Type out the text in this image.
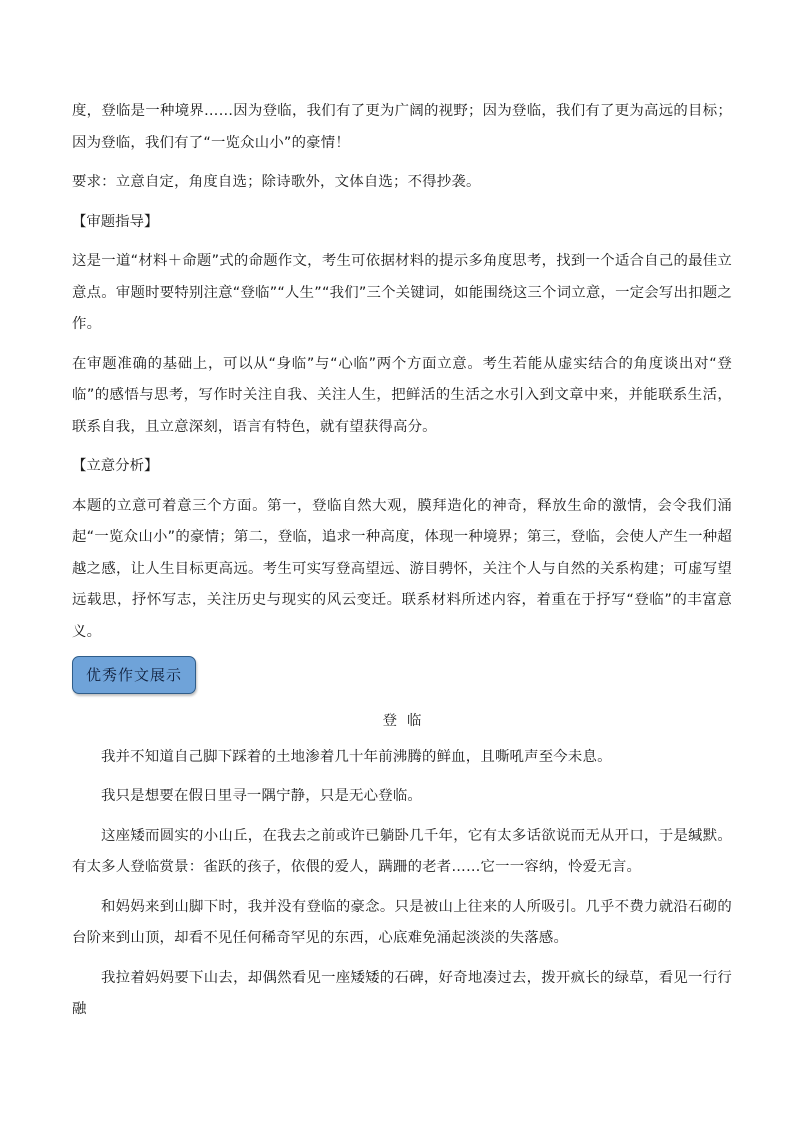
度，登临是一种境界……因为登临，我们有了更为广阔的视野；因为登临，我们有了更为高远的目标；因为登临，我们有了“一览众山小”的豪情！

要求：立意自定，角度自选；除诗歌外，文体自选；不得抄袭。

【审题指导】

这是一道“材料＋命题”式的命题作文，考生可依据材料的提示多角度思考，找到一个适合自己的最佳立意点。审题时要特别注意“登临”“人生”“我们”三个关键词，如能围绕这三个词立意，一定会写出扣题之作。

在审题准确的基础上，可以从“身临”与“心临”两个方面立意。考生若能从虚实结合的角度谈出对“登临”的感悟与思考，写作时关注自我、关注人生，把鲜活的生活之水引入到文章中来，并能联系生活，联系自我，且立意深刻，语言有特色，就有望获得高分。

【立意分析】

本题的立意可着意三个方面。第一，登临自然大观，膜拜造化的神奇，释放生命的激情，会令我们涌起“一览众山小”的豪情；第二，登临，追求一种高度，体现一种境界；第三，登临，会使人产生一种超越之感，让人生目标更高远。考生可实写登高望远、游目骋怀，关注个人与自然的关系构建；可虚写望远载思，抒怀写志，关注历史与现实的风云变迁。联系材料所述内容，着重在于抒写“登临”的丰富意义。

优秀作文展示
登临

我并不知道自己脚下踩着的土地渗着几十年前沸腾的鲜血，且嘶吼声至今未息。

我只是想要在假日里寻一隅宁静，只是无心登临。

这座矮而圆实的小山丘，在我去之前或许已躺卧几千年，它有太多话欲说而无从开口，于是缄默。有太多人登临赏景：雀跃的孩子，依偎的爱人，蹒跚的老者……它一一容纳，怜爱无言。

和妈妈来到山脚下时，我并没有登临的豪念。只是被山上往来的人所吸引。几乎不费力就沿石砌的台阶来到山顶，却看不见任何稀奇罕见的东西，心底难免涌起淡淡的失落感。

我拉着妈妈要下山去，却偶然看见一座矮矮的石碑，好奇地凑过去，拨开疯长的绿草，看见一行行融
